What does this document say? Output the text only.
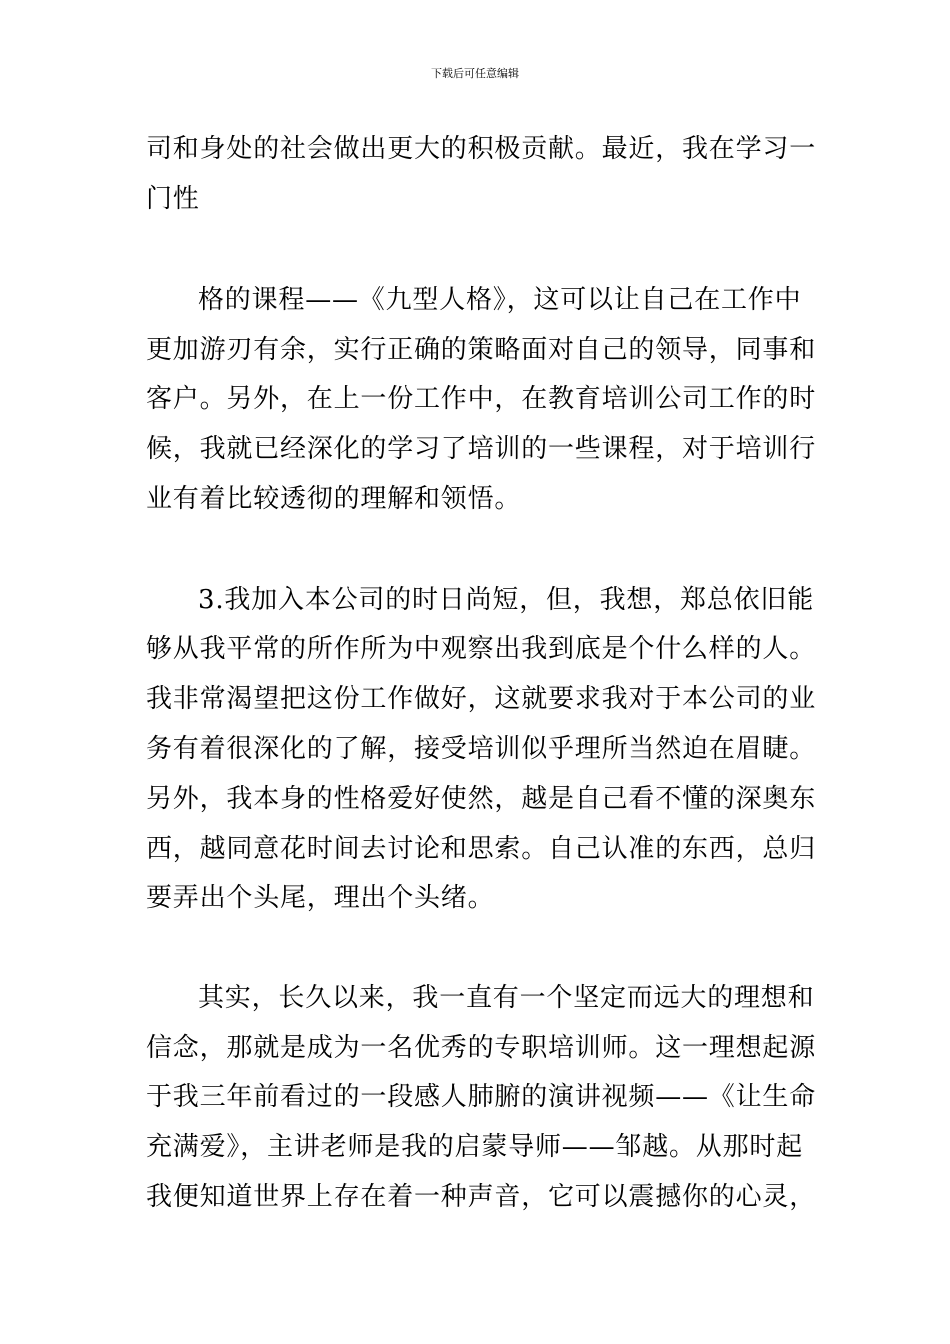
下载后可任意编辑
司和身处的社会做出更大的积极贡献。最近，我在学习一
门性
格的课程——《九型人格》，这可以让自己在工作中
更加游刃有余，实行正确的策略面对自己的领导，同事和
客户。另外，在上一份工作中，在教育培训公司工作的时
候，我就已经深化的学习了培训的一些课程，对于培训行
业有着比较透彻的理解和领悟。
3.我加入本公司的时日尚短，但，我想，郑总依旧能
够从我平常的所作所为中观察出我到底是个什么样的人。
我非常渴望把这份工作做好，这就要求我对于本公司的业
务有着很深化的了解，接受培训似乎理所当然迫在眉睫。
另外，我本身的性格爱好使然，越是自己看不懂的深奥东
西，越同意花时间去讨论和思索。自己认准的东西，总归
要弄出个头尾，理出个头绪。
其实，长久以来，我一直有一个坚定而远大的理想和
信念，那就是成为一名优秀的专职培训师。这一理想起源
于我三年前看过的一段感人肺腑的演讲视频——《让生命
充满爱》，主讲老师是我的启蒙导师——邹越。从那时起
我便知道世界上存在着一种声音，它可以震撼你的心灵，
